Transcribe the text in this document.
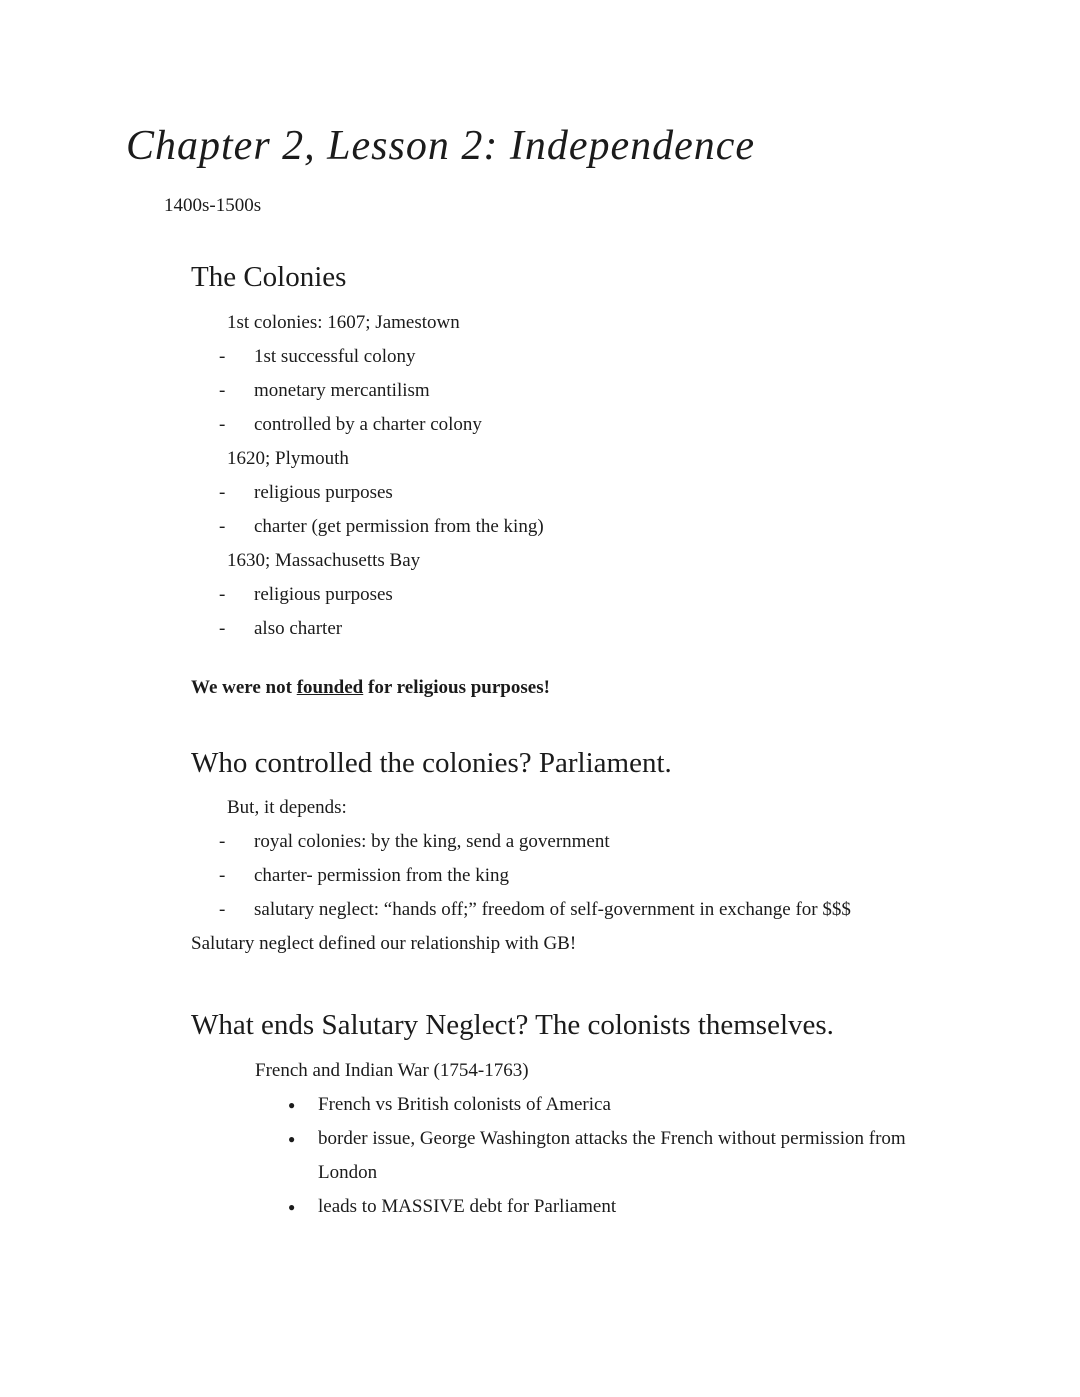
Chapter 2, Lesson 2: Independence

1400s-1500s

The Colonies
1st colonies: 1607; Jamestown
- 1st successful colony
- monetary mercantilism
- controlled by a charter colony
1620; Plymouth
- religious purposes
- charter (get permission from the king)
1630; Massachusetts Bay
- religious purposes
- also charter

We were not founded for religious purposes!

Who controlled the colonies? Parliament.

But, it depends:

- royal colonies: by the king, send a government
- charter- permission from the king
- salutary neglect: “hands off;” freedom of self-government in exchange for $$$

Salutary neglect defined our relationship with GB!

What ends Salutary Neglect? The colonists themselves.

French and Indian War (1754-1763)

● French vs British colonists of America
● border issue, George Washington attacks the French without permission from London
● leads to MASSIVE debt for Parliament
